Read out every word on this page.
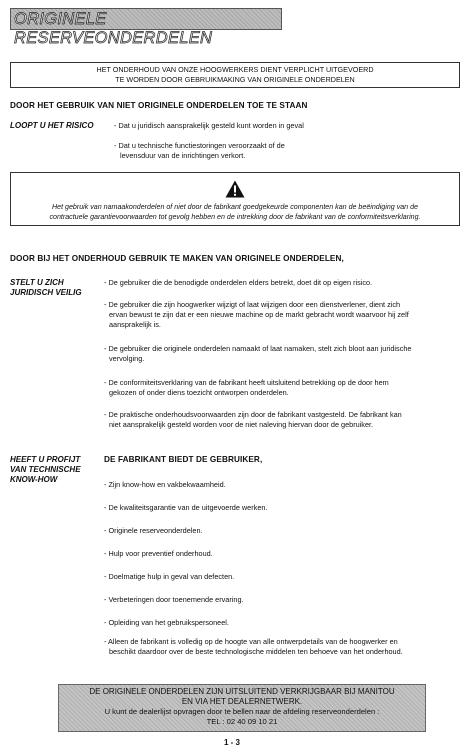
ORIGINELE RESERVEONDERDELEN
HET ONDERHOUD VAN ONZE HOOGWERKERS DIENT VERPLICHT UITGEVOERD
TE WORDEN DOOR GEBRUIKMAKING VAN ORIGINELE ONDERDELEN
DOOR HET GEBRUIK VAN NIET ORIGINELE ONDERDELEN TOE TE STAAN
LOOPT U HET RISICO	- Dat u juridisch aansprakelijk gesteld kunt worden in geval
- Dat u technische functiestoringen veroorzaakt of de
levensduur van de inrichtingen verkort.
Het gebruik van namaakonderdelen of niet door de fabrikant goedgekeurde componenten kan de beëindiging van de
contractuele garantievoorwaarden tot gevolg hebben en de intrekking door de fabrikant van de conformiteitsverklaring.
DOOR BIJ HET ONDERHOUD GEBRUIK TE MAKEN VAN ORIGINELE ONDERDELEN,
STELT U ZICH
JURIDISCH VEILIG
- De gebruiker die de benodigde onderdelen elders betrekt, doet dit op eigen risico.
- De gebruiker die zijn hoogwerker wijzigt of laat wijzigen door een dienstverlener, dient zich
ervan bewust te zijn dat er een nieuwe machine op de markt gebracht wordt waarvoor hij zelf
aansprakelijk is.
- De gebruiker die originele onderdelen namaakt of laat namaken, stelt zich bloot aan juridische
vervolging.
- De conformiteitsverklaring van de fabrikant heeft uitsluitend betrekking op de door hem
gekozen of onder diens toezicht ontworpen onderdelen.
- De praktische onderhoudsvoorwaarden zijn door de fabrikant vastgesteld. De fabrikant kan
niet aansprakelijk gesteld worden voor de niet naleving hiervan door de gebruiker.
HEEFT U PROFIJT
VAN TECHNISCHE
KNOW-HOW
DE FABRIKANT BIEDT DE GEBRUIKER,
- Zijn know-how en vakbekwaamheid.
- De kwaliteitsgarantie van de uitgevoerde werken.
- Originele reserveonderdelen.
- Hulp voor preventief onderhoud.
- Doelmatige hulp in geval van defecten.
- Verbeteringen door toenemende ervaring.
- Opleiding van het gebruikspersoneel.
- Alleen de fabrikant is volledig op de hoogte van alle ontwerpdetails van de hoogwerker en
beschikt daardoor over de beste technologische middelen ten behoeve van het onderhoud.
DE ORIGINELE ONDERDELEN ZIJN UITSLUITEND VERKRIJGBAAR BIJ MANITOU
EN VIA HET DEALERNETWERK.
U kunt de dealerlijst opvragen door te bellen naar de afdeling reserveonderdelen :
TEL : 02 40 09 10 21
1 - 3
